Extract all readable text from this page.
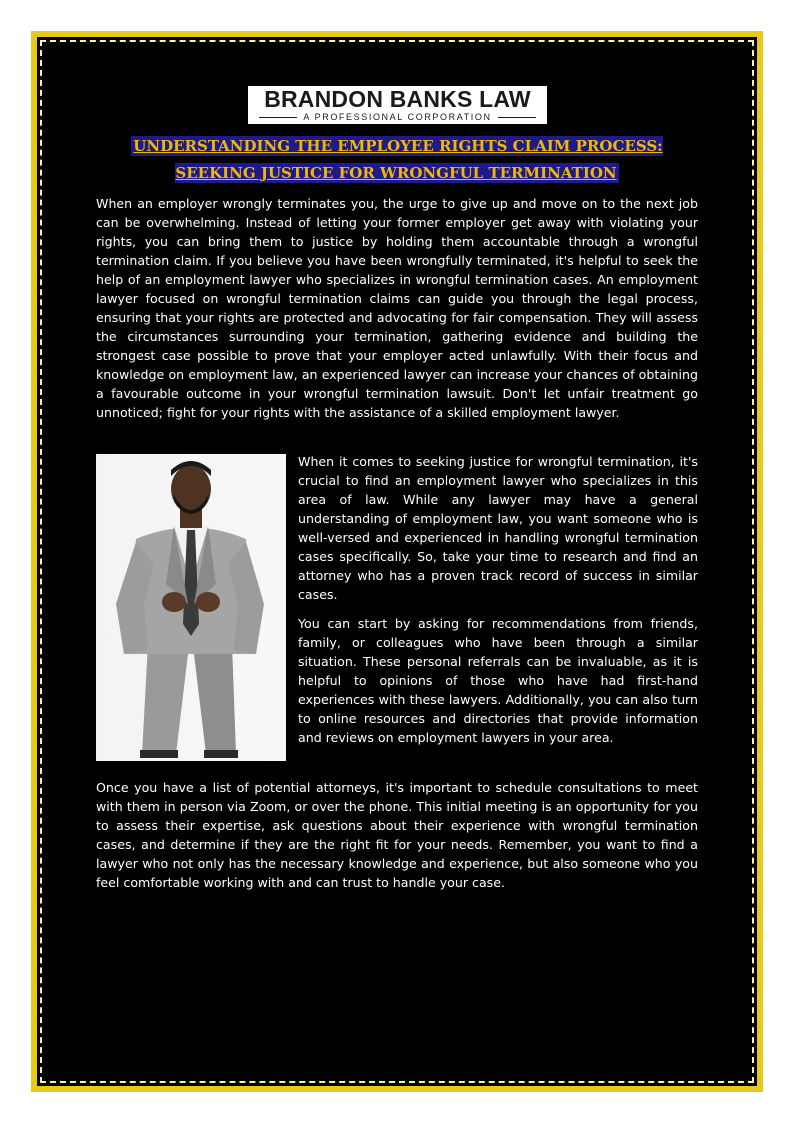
BRANDON BANKS LAW
A PROFESSIONAL CORPORATION
UNDERSTANDING THE EMPLOYEE RIGHTS CLAIM PROCESS: SEEKING JUSTICE FOR WRONGFUL TERMINATION

When an employer wrongly terminates you, the urge to give up and move on to the next job can be overwhelming. Instead of letting your former employer get away with violating your rights, you can bring them to justice by holding them accountable through a wrongful termination claim. If you believe you have been wrongfully terminated, it's helpful to seek the help of an employment lawyer who specializes in wrongful termination cases. An employment lawyer focused on wrongful termination claims can guide you through the legal process, ensuring that your rights are protected and advocating for fair compensation. They will assess the circumstances surrounding your termination, gathering evidence and building the strongest case possible to prove that your employer acted unlawfully. With their focus and knowledge on employment law, an experienced lawyer can increase your chances of obtaining a favourable outcome in your wrongful termination lawsuit. Don't let unfair treatment go unnoticed; fight for your rights with the assistance of a skilled employment lawyer.

When it comes to seeking justice for wrongful termination, it's crucial to find an employment lawyer who specializes in this area of law. While any lawyer may have a general understanding of employment law, you want someone who is well-versed and experienced in handling wrongful termination cases specifically. So, take your time to research and find an attorney who has a proven track record of success in similar cases.

You can start by asking for recommendations from friends, family, or colleagues who have been through a similar situation. These personal referrals can be invaluable, as it is helpful to opinions of those who have had first-hand experiences with these lawyers. Additionally, you can also turn to online resources and directories that provide information and reviews on employment lawyers in your area.

Once you have a list of potential attorneys, it's important to schedule consultations to meet with them in person via Zoom, or over the phone. This initial meeting is an opportunity for you to assess their expertise, ask questions about their experience with wrongful termination cases, and determine if they are the right fit for your needs. Remember, you want to find a lawyer who not only has the necessary knowledge and experience, but also someone who you feel comfortable working with and can trust to handle your case.
